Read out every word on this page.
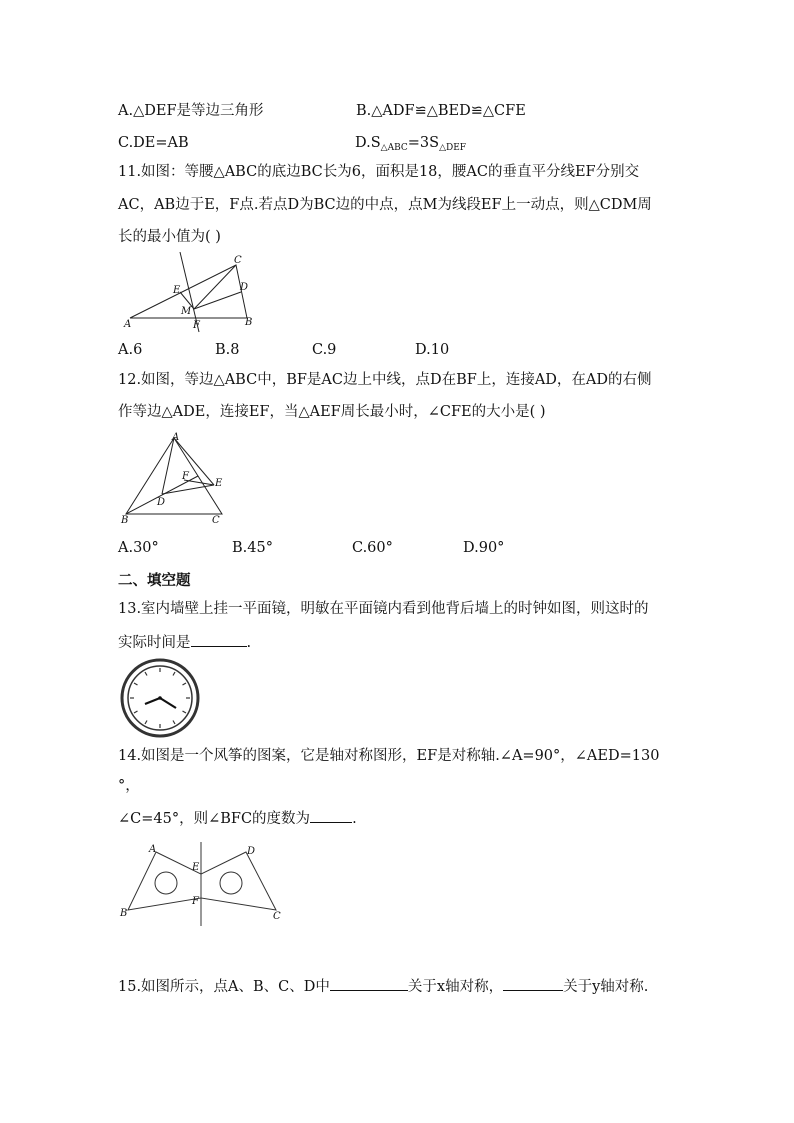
A.△DEF是等边三角形	B.△ADF≌△BED≌△CFE
C.DE=AB	$D.S_{\triangle ABC}=3S_{\triangle DEF}$
11.如图：等腰△ABC的底边BC长为6，面积是18，腰AC的垂直平分线EF分别交
AC，AB边于E，F点.若点D为BC边的中点，点M为线段EF上一动点，则△CDM周
长的最小值为( )
C
E	D
M
A	F	B
A.6	B.8	C.9	D.10
12.如图，等边△ABC中，BF是AC边上中线，点D在BF上，连接AD，在AD的右侧
作等边△ADE，连接EF，当△AEF周长最小时，∠CFE的大小是( )
A
F
E
D
B	C
A.30°	B.45°	C.60°	D.90°
二、填空题
13.室内墙壁上挂一平面镜，明敏在平面镜内看到他背后墙上的时钟如图，则这时的
实际时间是	.
14.如图是一个风筝的图案，它是轴对称图形，EF是对称轴.∠A=90°，∠AED=130
°，
∠C=45°，则∠BFC的度数为	.
A
E
D
F
B	C
15.如图所示，点A、B、C、D中	关于x轴对称，	关于y轴对称.
